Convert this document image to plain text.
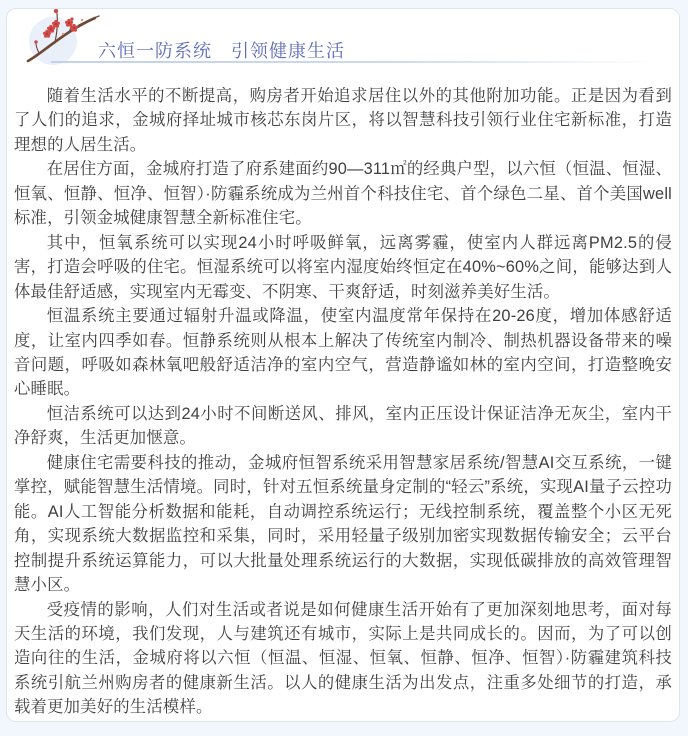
六恒一防系统　引领健康生活

随着生活水平的不断提高，购房者开始追求居住以外的其他附加功能。正是因为看到了人们的追求，金城府择址城市核芯东岗片区，将以智慧科技引领行业住宅新标准，打造理想的人居生活。

在居住方面，金城府打造了府系建面约90—311㎡的经典户型，以六恒（恒温、恒湿、恒氧、恒静、恒净、恒智）·防霾系统成为兰州首个科技住宅、首个绿色二星、首个美国well标准，引领金城健康智慧全新标准住宅。

其中，恒氧系统可以实现24小时呼吸鲜氧，远离雾霾，使室内人群远离PM2.5的侵害，打造会呼吸的住宅。恒湿系统可以将室内湿度始终恒定在40%~60%之间，能够达到人体最佳舒适感，实现室内无霉变、不阴寒、干爽舒适，时刻滋养美好生活。

恒温系统主要通过辐射升温或降温，使室内温度常年保持在20-26度，增加体感舒适度，让室内四季如春。恒静系统则从根本上解决了传统室内制冷、制热机器设备带来的噪音问题，呼吸如森林氧吧般舒适洁净的室内空气，营造静谧如林的室内空间，打造整晚安心睡眠。

恒洁系统可以达到24小时不间断送风、排风，室内正压设计保证洁净无灰尘，室内干净舒爽，生活更加惬意。

健康住宅需要科技的推动，金城府恒智系统采用智慧家居系统/智慧AI交互系统，一键掌控，赋能智慧生活情境。同时，针对五恒系统量身定制的“轻云”系统，实现AI量子云控功能。AI人工智能分析数据和能耗，自动调控系统运行；无线控制系统，覆盖整个小区无死角，实现系统大数据监控和采集，同时，采用轻量子级别加密实现数据传输安全；云平台控制提升系统运算能力，可以大批量处理系统运行的大数据，实现低碳排放的高效管理智慧小区。

受疫情的影响，人们对生活或者说是如何健康生活开始有了更加深刻地思考，面对每天生活的环境，我们发现，人与建筑还有城市，实际上是共同成长的。因而，为了可以创造向往的生活，金城府将以六恒（恒温、恒湿、恒氧、恒静、恒净、恒智）·防霾建筑科技系统引航兰州购房者的健康新生活。以人的健康生活为出发点，注重多处细节的打造，承载着更加美好的生活模样。
